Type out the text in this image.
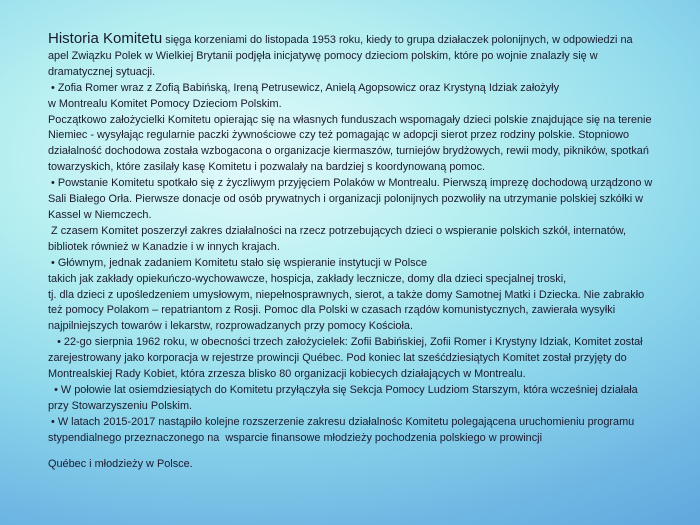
Historia Komitetu sięga korzeniami do listopada 1953 roku, kiedy to grupa działaczek polonijnych, w odpowiedzi na apel Związku Polek w Wielkiej Brytanii podjęła inicjatywę pomocy dzieciom polskim, które po wojnie znalazły się w dramatycznej sytuacji.

• Zofia Romer wraz z Zofią Babińską, Ireną Petrusewicz, Anielą Agopsowicz oraz Krystyną Idziak założyły
w Montrealu Komitet Pomocy Dzieciom Polskim.

Początkowo założycielki Komitetu opierając się na własnych funduszach wspomagały dzieci polskie znajdujące się na terenie Niemiec - wysyłając regularnie paczki żywnościowe czy też pomagając w adopcji sierot przez rodziny polskie. Stopniowo działalność dochodowa została wzbogacona o organizacje kiermaszów, turniejów brydżowych, rewii mody, pikników, spotkań towarzyskich, które zasilały kasę Komitetu i pozwalały na bardziej s koordynowaną pomoc.

• Powstanie Komitetu spotkało się z życzliwym przyjęciem Polaków w Montrealu. Pierwszą imprezę dochodową urządzono w Sali Białego Orła. Pierwsze donacje od osób prywatnych i organizacji polonijnych pozwoliły na utrzymanie polskiej szkółki w Kassel w Niemczech.

Z czasem Komitet poszerzył zakres działalności na rzecz potrzebujących dzieci o wspieranie polskich szkół, internatów, bibliotek również w Kanadzie i w innych krajach.

• Głównym, jednak zadaniem Komitetu stało się wspieranie instytucji w Polsce
takich jak zakłady opiekuńczo-wychowawcze, hospicja, zakłady lecznicze, domy dla dzieci specjalnej troski,
tj. dla dzieci z upośledzeniem umysłowym, niepełnosprawnych, sierot, a także domy Samotnej Matki i Dziecka. Nie zabrakło też pomocy Polakom – repatriantom z Rosji. Pomoc dla Polski w czasach rządów komunistycznych, zawierała wysyłki najpilniejszych towarów i lekarstw, rozprowadzanych przy pomocy Kościoła.

• 22-go sierpnia 1962 roku, w obecności trzech założycielek: Zofii Babińskiej, Zofii Romer i Krystyny Idziak, Komitet został zarejestrowany jako korporacja w rejestrze prowincji Québec. Pod koniec lat sześćdziesiątych Komitet został przyjęty do Montrealskiej Rady Kobiet, która zrzesza blisko 80 organizacji kobiecych działających w Montrealu.

• W połowie lat osiemdziesiątych do Komitetu przyłączyła się Sekcja Pomocy Ludziom Starszym, która wcześniej działała przy Stowarzyszeniu Polskim.

• W latach 2015-2017 nastąpiło kolejne rozszerzenie zakresu działalnośc Komitetu polegającena uruchomieniu programu stypendialnego przeznaczonego na  wsparcie finansowe młodzieży pochodzenia polskiego w prowincji

Québec i młodzieży w Polsce.
